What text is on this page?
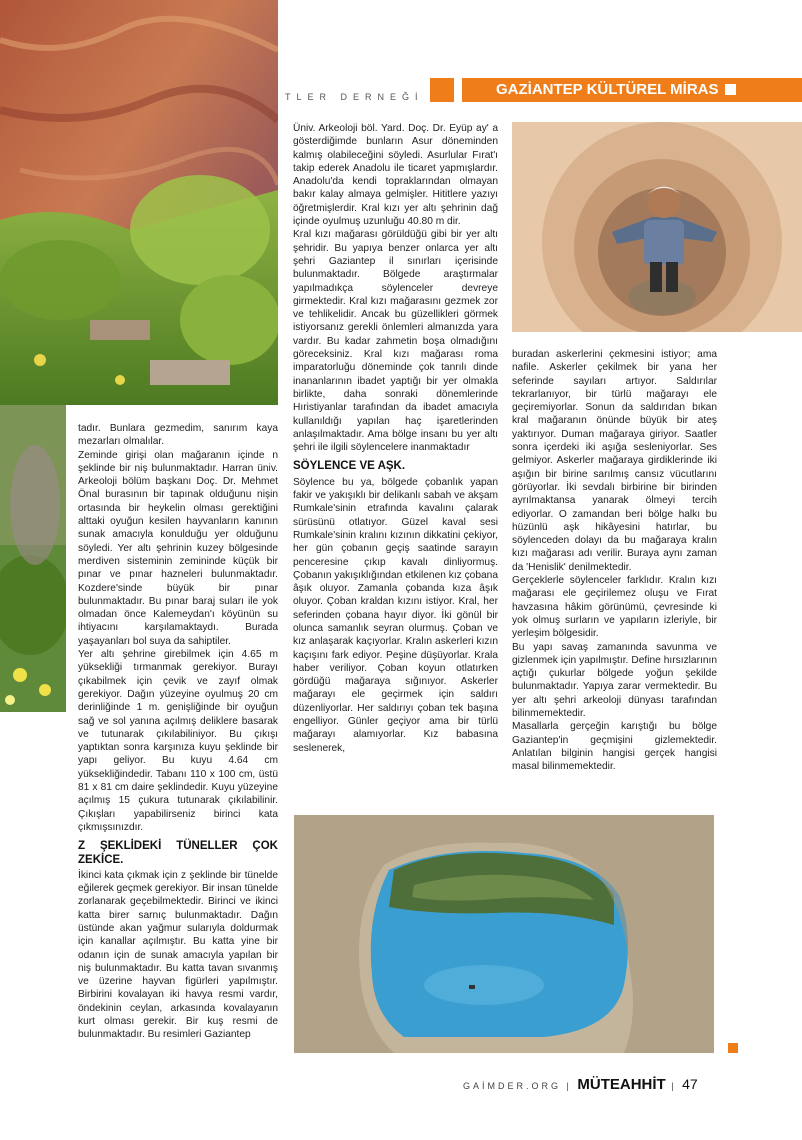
TLER DERNEĞİ	GAZİANTEP KÜLTÜREL MİRAS

tadır. Bunlara gezmedim, sanırım kaya mezarları olmalılar.

Zeminde girişi olan mağaranın içinde n şeklinde bir niş bulunmaktadır. Harran üniv. Arkeoloji bölüm başkanı Doç. Dr. Mehmet Önal burasının bir tapınak olduğunu nişin ortasında bir heykelin olması gerektiğini alttaki oyuğun kesilen hayvanların kanının sunak amacıyla konulduğu yer olduğunu söyledi. Yer altı şehrinin kuzey bölgesinde merdiven sisteminin zemininde küçük bir pınar ve pınar hazneleri bulunmaktadır. Kozdere'sinde büyük bir pınar bulunmaktadır. Bu pınar baraj suları ile yok olmadan önce Kalemeydan'ı köyünün su ihtiyacını karşılamaktaydı. Burada yaşayanları bol suya da sahiptiler.

Yer altı şehrine girebilmek için 4.65 m yüksekliği tırmanmak gerekiyor. Burayı çıkabilmek için çevik ve zayıf olmak gerekiyor. Dağın yüzeyine oyulmuş 20 cm derinliğinde 1 m. genişliğinde bir oyuğun sağ ve sol yanına açılmış deliklere basarak ve tutunarak çıkılabiliniyor. Bu çıkışı yaptıktan sonra karşınıza kuyu şeklinde bir yapı geliyor. Bu kuyu 4.64 cm yüksekliğindedir. Tabanı 110 x 100 cm, üstü 81 x 81 cm daire şeklindedir. Kuyu yüzeyine açılmış 15 çukura tutunarak çıkılabilinir. Çıkışları yapabilirseniz birinci kata çıkmışsınızdır.

Z ŞEKLİDEKİ TÜNELLER ÇOK ZEKİCE.

İkinci kata çıkmak için z şeklinde bir tünelde eğilerek geçmek gerekiyor. Bir insan tünelde zorlanarak geçebilmektedir. Birinci ve ikinci katta birer sarnıç bulunmaktadır. Dağın üstünde akan yağmur sularıyla doldurmak için kanallar açılmıştır. Bu katta yine bir odanın için de sunak amacıyla yapılan bir niş bulunmaktadır. Bu katta tavan sıvanmış ve üzerine hayvan figürleri yapılmıştır. Birbirini kovalayan iki havya resmi vardır, öndekinin ceylan, arkasında kovalayanın kurt olması gerekir. Bir kuş resmi de bulunmaktadır. Bu resimleri Gaziantep

Üniv. Arkeoloji böl. Yard. Doç. Dr. Eyüp ay' a gösterdiğimde bunların Asur döneminden kalmış olabileceğini söyledi. Asurlular Fırat'ı takip ederek Anadolu ile ticaret yapmışlardır. Anadolu'da kendi topraklarından olmayan bakır kalay almaya gelmişler. Hititlere yazıyı öğretmişlerdir. Kral kızı yer altı şehrinin dağ içinde oyulmuş uzunluğu 40.80 m dir.

Kral kızı mağarası görüldüğü gibi bir yer altı şehridir. Bu yapıya benzer onlarca yer altı şehri Gaziantep il sınırları içerisinde bulunmaktadır. Bölgede araştırmalar yapılmadıkça söylenceler devreye girmektedir. Kral kızı mağarasını gezmek zor ve tehlikelidir. Ancak bu güzellikleri görmek istiyorsanız gerekli önlemleri almanızda yara vardır. Bu kadar zahmetin boşa olmadığını göreceksiniz. Kral kızı mağarası roma imparatorluğu döneminde çok tanrılı dinde inananlarının ibadet yaptığı bir yer olmakla birlikte, daha sonraki dönemlerinde Hıristiyanlar tarafından da ibadet amacıyla kullanıldığı yapılan haç işaretlerinden anlaşılmaktadır. Ama bölge insanı bu yer altı şehri ile ilgili söylencelere inanmaktadır

SÖYLENCE VE AŞK.

Söylence bu ya, bölgede çobanlık yapan fakir ve yakışıklı bir delikanlı sabah ve akşam Rumkale'sinin etrafında kavalını çalarak sürüsünü otlatıyor. Güzel kaval sesi Rumkale'sinin kralını kızının dikkatini çekiyor, her gün çobanın geçiş saatinde sarayın penceresine çıkıp kavalı dinliyormuş. Çobanın yakışıklığından etkilenen kız çobana âşık oluyor. Zamanla çobanda kıza âşık oluyor. Çoban kraldan kızını istiyor. Kral, her seferinden çobana hayır diyor. İki gönül bir olunca samanlık seyran olurmuş. Çoban ve kız anlaşarak kaçıyorlar. Kralın askerleri kızın kaçışını fark ediyor. Peşine düşüyorlar. Krala haber veriliyor. Çoban koyun otlatırken gördüğü mağaraya sığınıyor. Askerler mağarayı ele geçirmek için saldırı düzenliyorlar. Her saldırıyı çoban tek başına engelliyor. Günler geçiyor ama bir türlü mağarayı alamıyorlar. Kız babasına seslenerek,

buradan askerlerini çekmesini istiyor; ama nafile. Askerler çekilmek bir yana her seferinde sayıları artıyor. Saldırılar tekrarlanıyor, bir türlü mağarayı ele geçiremiyorlar. Sonun da saldırıdan bıkan kral mağaranın önünde büyük bir ateş yaktırıyor. Duman mağaraya giriyor. Saatler sonra içerdeki iki aşığa sesleniyorlar. Ses gelmiyor. Askerler mağaraya girdiklerinde iki aşığın bir birine sarılmış cansız vücutlarını görüyorlar. İki sevdalı birbirine bir birinden ayrılmaktansa yanarak ölmeyi tercih ediyorlar. O zamandan beri bölge halkı bu hüzünlü aşk hikâyesini hatırlar, bu söylenceden dolayı da bu mağaraya kralın kızı mağarası adı verilir. Buraya aynı zaman da 'Henislik' denilmektedir.

Gerçeklerle söylenceler farklıdır. Kralın kızı mağarası ele geçirilemez oluşu ve Fırat havzasına hâkim görünümü, çevresinde ki yok olmuş surların ve yapıların izleriyle, bir yerleşim bölgesidir.

Bu yapı savaş zamanında savunma ve gizlenmek için yapılmıştır. Define hırsızlarının açtığı çukurlar bölgede yoğun şekilde bulunmaktadır. Yapıya zarar vermektedir. Bu yer altı şehri arkeoloji dünyası tarafından bilinmemektedir.

Masallarla gerçeğin karıştığı bu bölge Gaziantep'in geçmişini gizlemektedir. Anlatılan bilginin hangisi gerçek hangisi masal bilinmemektedir.

GAİMDER.ORG | MÜTEAHHİT | 47
